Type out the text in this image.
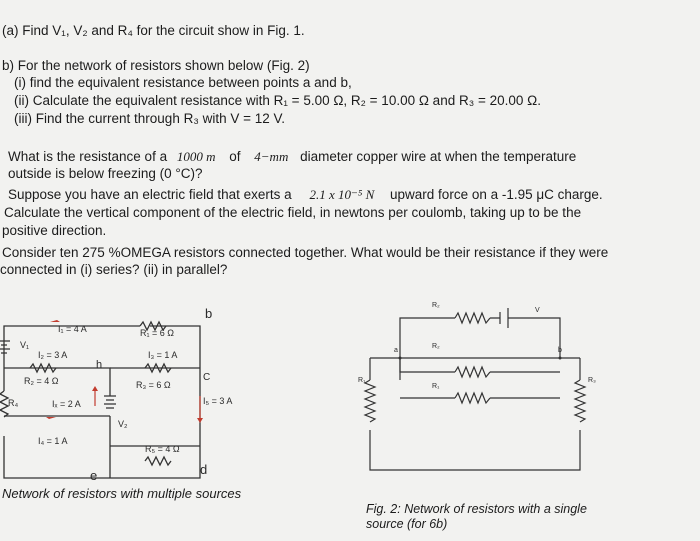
(a) Find V₁, V₂ and R₄ for the circuit show in Fig. 1.
b) For the network of resistors shown below (Fig. 2)
(i) find the equivalent resistance between points a and b,
(ii) Calculate the equivalent resistance with R₁ = 5.00 Ω, R₂ = 10.00 Ω and R₃ = 20.00 Ω.
(iii) Find the current through R₃ with V = 12 V.
What is the resistance of a 1000 m of 4−mm diameter copper wire at when the temperature
outside is below freezing (0 °C)?
Suppose you have an electric field that exerts a 2.1 x 10⁻⁵ N upward force on a -1.95 μC charge.
Calculate the vertical component of the electric field, in newtons per coulomb, taking up to be the
positive direction.
Consider ten 275 %OMEGA resistors connected together. What would be their resistance if they were
connected in (i) series? (ii) in parallel?
b
C
d
e
h
V₁
V₂
R₄
I₁ = 4 A
I₂ = 3 A
R₂ = 4 Ω
Iₓ = 2 A
I₄ = 1 A
R₁ = 6 Ω
I₃ = 1 A
R₃ = 6 Ω
I₅ = 3 A
R₅ = 4 Ω
Network of resistors with multiple sources
R₂
R₂
R₁
V
a	b
R₁	R₃
Fig. 2: Network of resistors with a single source (for 6b)
